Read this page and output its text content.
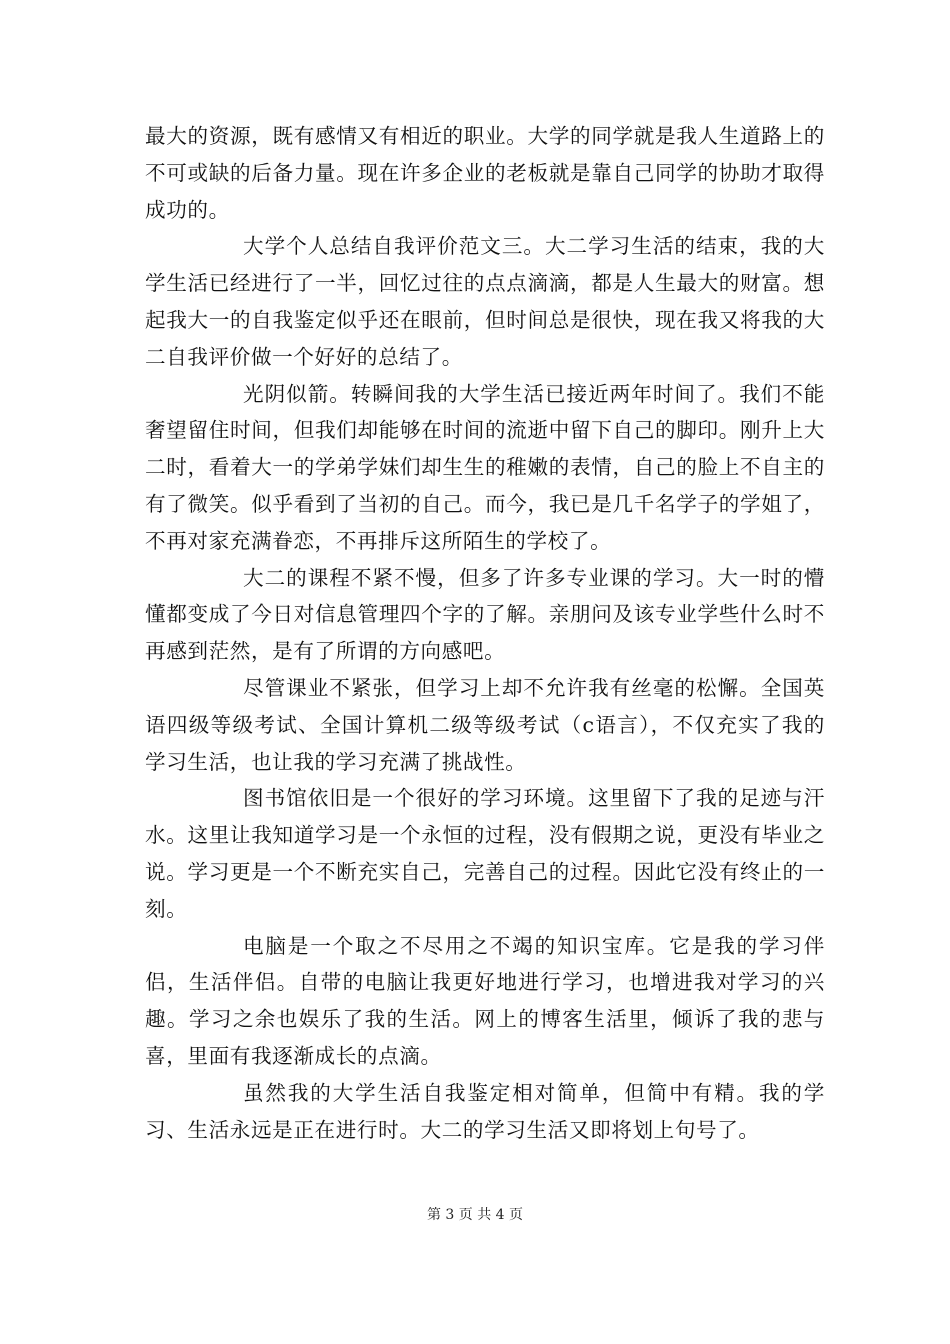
最大的资源，既有感情又有相近的职业。大学的同学就是我人生道路上的不可或缺的后备力量。现在许多企业的老板就是靠自己同学的协助才取得成功的。

大学个人总结自我评价范文三。大二学习生活的结束，我的大学生活已经进行了一半，回忆过往的点点滴滴，都是人生最大的财富。想起我大一的自我鉴定似乎还在眼前，但时间总是很快，现在我又将我的大二自我评价做一个好好的总结了。

光阴似箭。转瞬间我的大学生活已接近两年时间了。我们不能奢望留住时间，但我们却能够在时间的流逝中留下自己的脚印。刚升上大二时，看着大一的学弟学妹们却生生的稚嫩的表情，自己的脸上不自主的有了微笑。似乎看到了当初的自己。而今，我已是几千名学子的学姐了，不再对家充满眷恋，不再排斥这所陌生的学校了。

大二的课程不紧不慢，但多了许多专业课的学习。大一时的懵懂都变成了今日对信息管理四个字的了解。亲朋问及该专业学些什么时不再感到茫然，是有了所谓的方向感吧。

尽管课业不紧张，但学习上却不允许我有丝毫的松懈。全国英语四级等级考试、全国计算机二级等级考试（c语言），不仅充实了我的学习生活，也让我的学习充满了挑战性。

图书馆依旧是一个很好的学习环境。这里留下了我的足迹与汗水。这里让我知道学习是一个永恒的过程，没有假期之说，更没有毕业之说。学习更是一个不断充实自己，完善自己的过程。因此它没有终止的一刻。

电脑是一个取之不尽用之不竭的知识宝库。它是我的学习伴侣，生活伴侣。自带的电脑让我更好地进行学习，也增进我对学习的兴趣。学习之余也娱乐了我的生活。网上的博客生活里，倾诉了我的悲与喜，里面有我逐渐成长的点滴。

虽然我的大学生活自我鉴定相对简单，但简中有精。我的学习、生活永远是正在进行时。大二的学习生活又即将划上句号了。

第 3 页 共 4 页
